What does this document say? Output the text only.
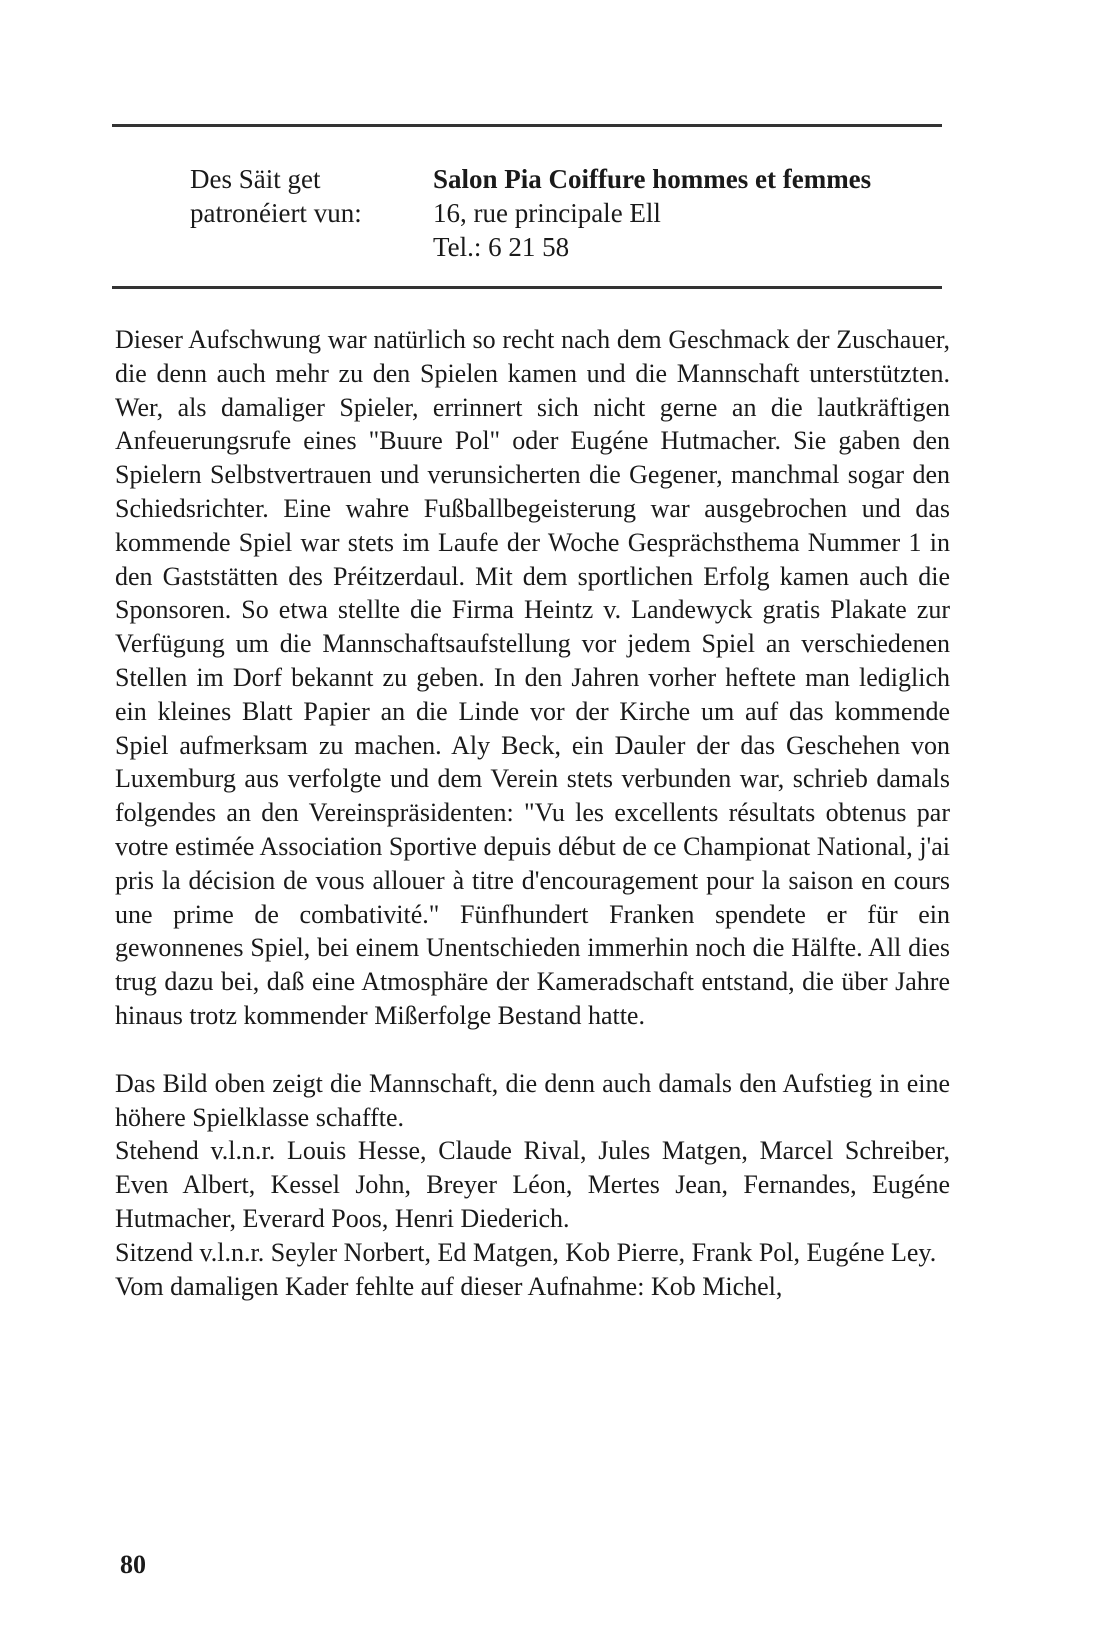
Des Säit get
patronéiert vun:
Salon Pia Coiffure hommes et femmes
16, rue principale Ell
Tel.: 6 21 58

Dieser Aufschwung war natürlich so recht nach dem Geschmack der Zuschauer, die denn auch mehr zu den Spielen kamen und die Mannschaft unterstützten. Wer, als damaliger Spieler, errinnert sich nicht gerne an die lautkräftigen Anfeuerungsrufe eines "Buure Pol" oder Eugéne Hutmacher. Sie gaben den Spielern Selbstvertrauen und verunsicherten die Gegener, manchmal sogar den Schiedsrichter. Eine wahre Fußballbegeisterung war ausgebrochen und das kommende Spiel war stets im Laufe der Woche Gesprächsthema Nummer 1 in den Gaststätten des Préitzerdaul. Mit dem sportlichen Erfolg kamen auch die Sponsoren. So etwa stellte die Firma Heintz v. Landewyck gratis Plakate zur Verfügung um die Mannschaftsaufstellung vor jedem Spiel an verschiedenen Stellen im Dorf bekannt zu geben. In den Jahren vorher heftete man lediglich ein kleines Blatt Papier an die Linde vor der Kirche um auf das kommende Spiel aufmerksam zu machen. Aly Beck, ein Dauler der das Geschehen von Luxemburg aus verfolgte und dem Verein stets verbunden war, schrieb damals folgendes an den Vereinspräsidenten: "Vu les excellents résultats obtenus par votre estimée Association Sportive depuis début de ce Championat National, j'ai pris la décision de vous allouer à titre d'encouragement pour la saison en cours une prime de combativité." Fünfhundert Franken spendete er für ein gewonnenes Spiel, bei einem Unentschieden immerhin noch die Hälfte. All dies trug dazu bei, daß eine Atmosphäre der Kameradschaft entstand, die über Jahre hinaus trotz kommender Mißerfolge Bestand hatte.

Das Bild oben zeigt die Mannschaft, die denn auch damals den Aufstieg in eine höhere Spielklasse schaffte.

Stehend v.l.n.r. Louis Hesse, Claude Rival, Jules Matgen, Marcel Schreiber, Even Albert, Kessel John, Breyer Léon, Mertes Jean, Fernandes, Eugéne Hutmacher, Everard Poos, Henri Diederich.

Sitzend v.l.n.r. Seyler Norbert, Ed Matgen, Kob Pierre, Frank Pol, Eugéne Ley.

Vom damaligen Kader fehlte auf dieser Aufnahme: Kob Michel,

80
